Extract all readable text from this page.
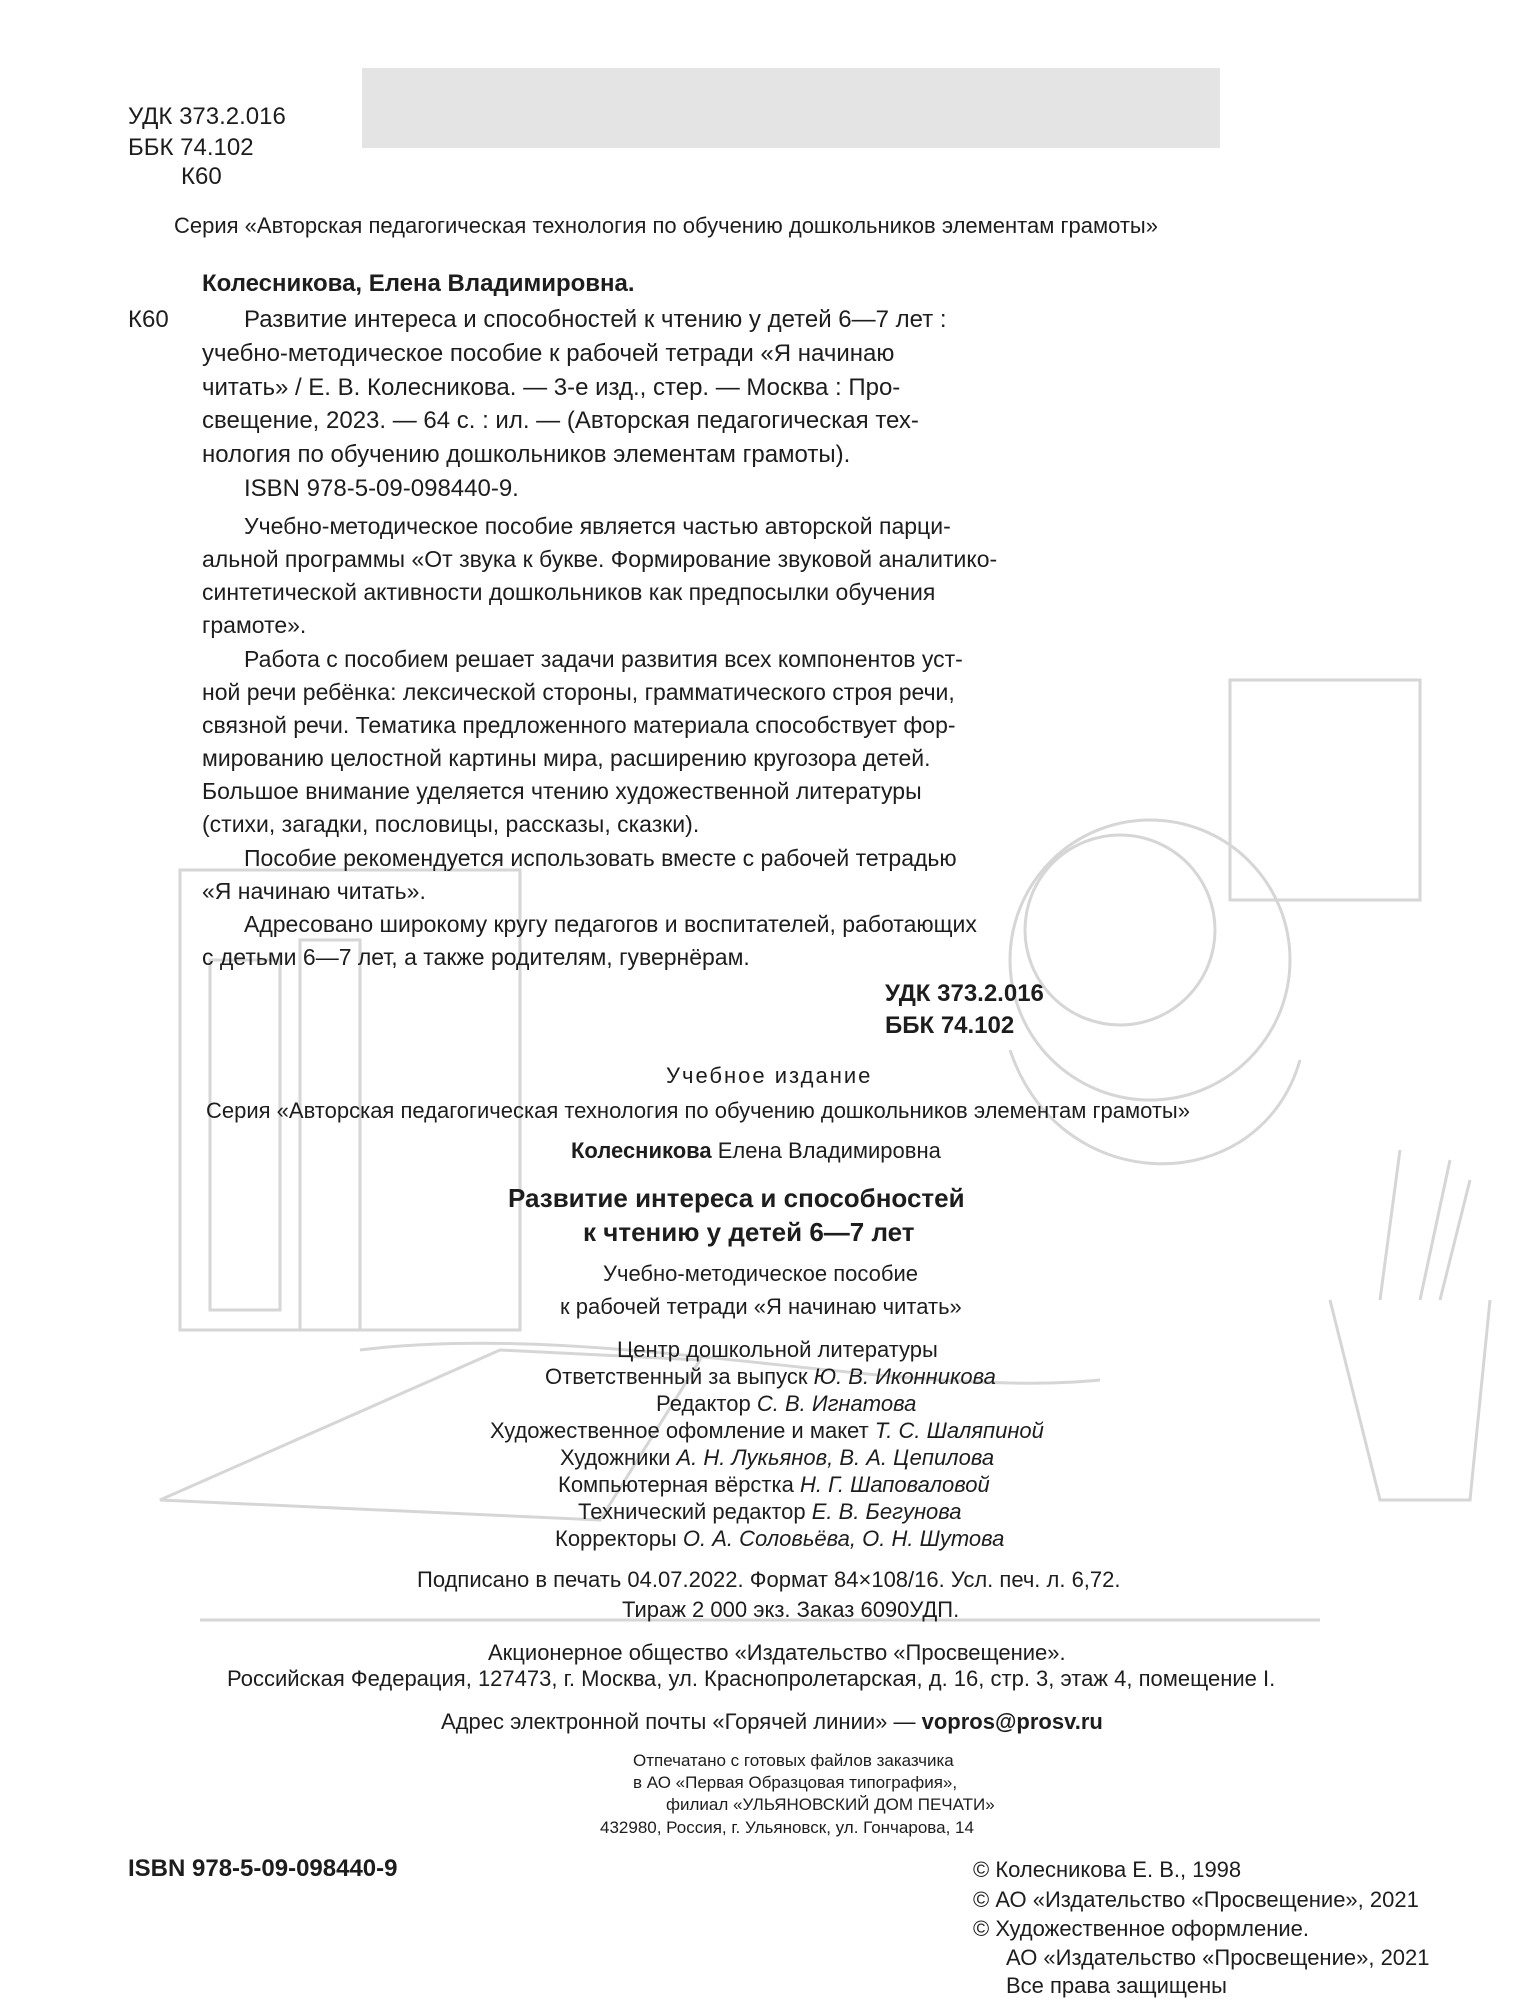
УДК 373.2.016
ББК 74.102
К60
Серия «Авторская педагогическая технология по обучению дошкольников элементам грамоты»
Колесникова, Елена Владимировна.
К60	Развитие интереса и способностей к чтению у детей 6—7 лет :
учебно-методическое пособие к рабочей тетради «Я начинаю
читать» / Е. В. Колесникова. — 3-е изд., стер. — Москва : Про-
свещение, 2023. — 64 с. : ил. — (Авторская педагогическая тех-
нология по обучению дошкольников элементам грамоты).
ISBN 978-5-09-098440-9.
Учебно-методическое пособие является частью авторской парци-
альной программы «От звука к букве. Формирование звуковой аналитико-
синтетической активности дошкольников как предпосылки обучения
грамоте».
Работа с пособием решает задачи развития всех компонентов уст-
ной речи ребёнка: лексической стороны, грамматического строя речи,
связной речи. Тематика предложенного материала способствует фор-
мированию целостной картины мира, расширению кругозора детей.
Большое внимание уделяется чтению художественной литературы
(стихи, загадки, пословицы, рассказы, сказки).
Пособие рекомендуется использовать вместе с рабочей тетрадью
«Я начинаю читать».
Адресовано широкому кругу педагогов и воспитателей, работающих
с детьми 6—7 лет, а также родителям, гувернёрам.
УДК 373.2.016
ББК 74.102
Учебное издание
Серия «Авторская педагогическая технология по обучению дошкольников элементам грамоты»
Колесникова Елена Владимировна
Развитие интереса и способностей
к чтению у детей 6—7 лет
Учебно-методическое пособие
к рабочей тетради «Я начинаю читать»
Центр дошкольной литературы
Ответственный за выпуск Ю. В. Иконникова
Редактор С. В. Игнатова
Художественное офомление и макет Т. С. Шаляпиной
Художники А. Н. Лукьянов, В. А. Цепилова
Компьютерная вёрстка Н. Г. Шаповаловой
Технический редактор Е. В. Бегунова
Корректоры О. А. Соловьёва, О. Н. Шутова
Подписано в печать 04.07.2022. Формат 84×108/16. Усл. печ. л. 6,72.
Тираж 2 000 экз. Заказ 6090УДП.
Акционерное общество «Издательство «Просвещение».
Российская Федерация, 127473, г. Москва, ул. Краснопролетарская, д. 16, стр. 3, этаж 4, помещение I.
Адрес электронной почты «Горячей линии» — vopros@prosv.ru
Отпечатано с готовых файлов заказчика
в АО «Первая Образцовая типография»,
филиал «УЛЬЯНОВСКИЙ ДОМ ПЕЧАТИ»
432980, Россия, г. Ульяновск, ул. Гончарова, 14
ISBN 978-5-09-098440-9	© Колесникова Е. В., 1998
© АО «Издательство «Просвещение», 2021
© Художественное оформление.
АО «Издательство «Просвещение», 2021
Все права защищены
